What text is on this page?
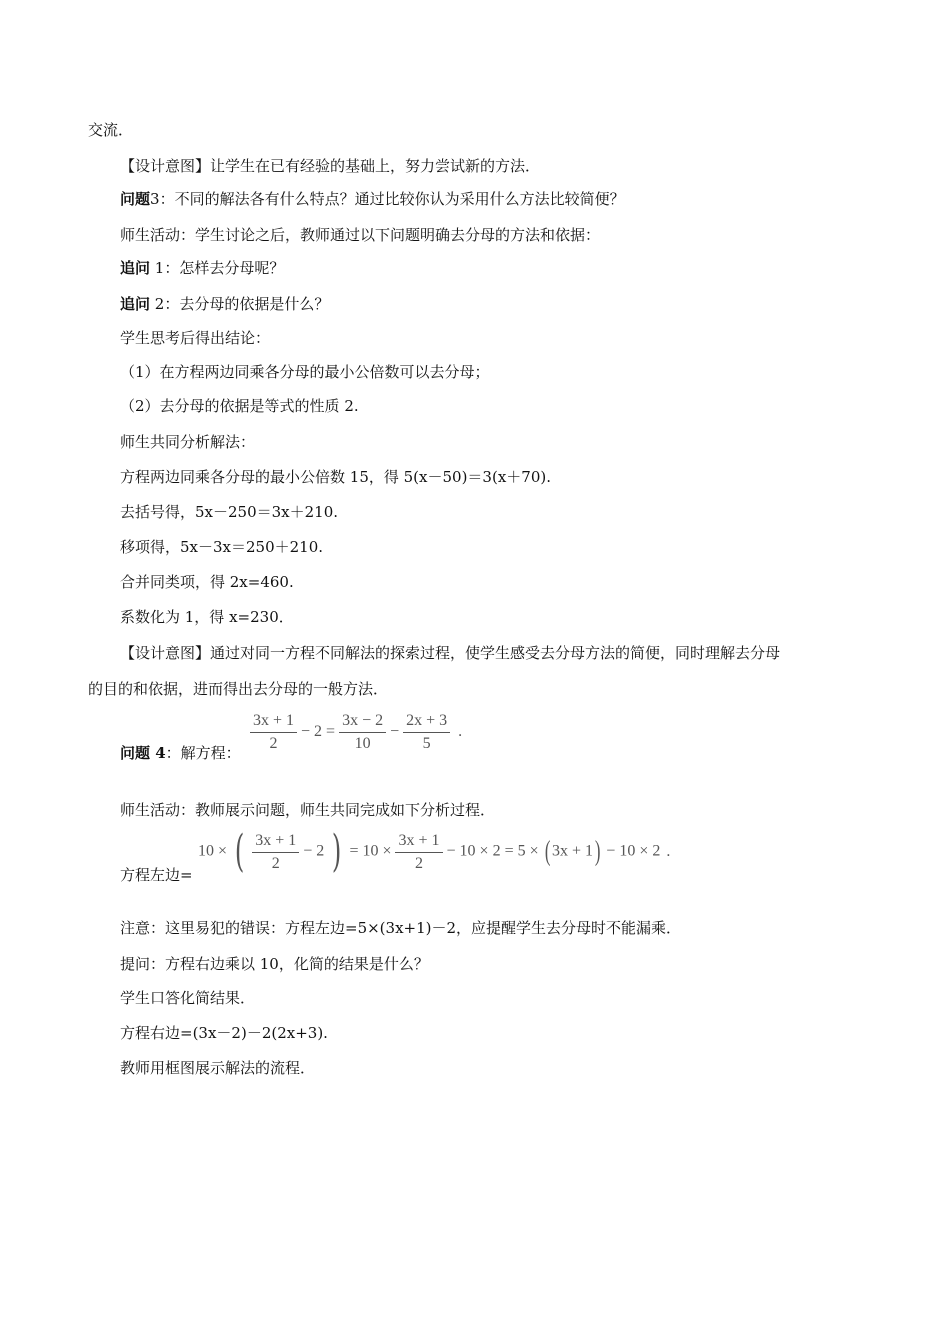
交流．
【设计意图】让学生在已有经验的基础上，努力尝试新的方法．
问题3：不同的解法各有什么特点？通过比较你认为采用什么方法比较简便？
师生活动：学生讨论之后，教师通过以下问题明确去分母的方法和依据：
追问 1：怎样去分母呢？
追问 2：去分母的依据是什么？
学生思考后得出结论：
（1）在方程两边同乘各分母的最小公倍数可以去分母；
（2）去分母的依据是等式的性质 2.
师生共同分析解法：
方程两边同乘各分母的最小公倍数 15，得 5(x－50)＝3(x＋70).
去括号得，5x－250＝3x＋210.
移项得，5x－3x＝250＋210.
合并同类项，得 2x=460.
系数化为 1，得 x=230．
【设计意图】通过对同一方程不同解法的探索过程，使学生感受去分母方法的简便，同时理解去分母
的目的和依据，进而得出去分母的一般方法．
问题 4：解方程： $\frac{3x + 1}{2} - 2 = \frac{3x - 2}{10} - \frac{2x + 3}{5}$ .
师生活动：教师展示问题，师生共同完成如下分析过程．
方程左边=
10 × ( $\frac{3x + 1}{2} - 2$ ) = $10 \times \frac{3x + 1}{2} - 10 \times 2 = 5$ × ( 3x + 1) − 10 × 2 .
注意：这里易犯的错误：方程左边=5×(3x+1)－2，应提醒学生去分母时不能漏乘．
提问：方程右边乘以 10，化简的结果是什么？
学生口答化简结果．
方程右边=(3x－2)－2(2x+3).
教师用框图展示解法的流程．
